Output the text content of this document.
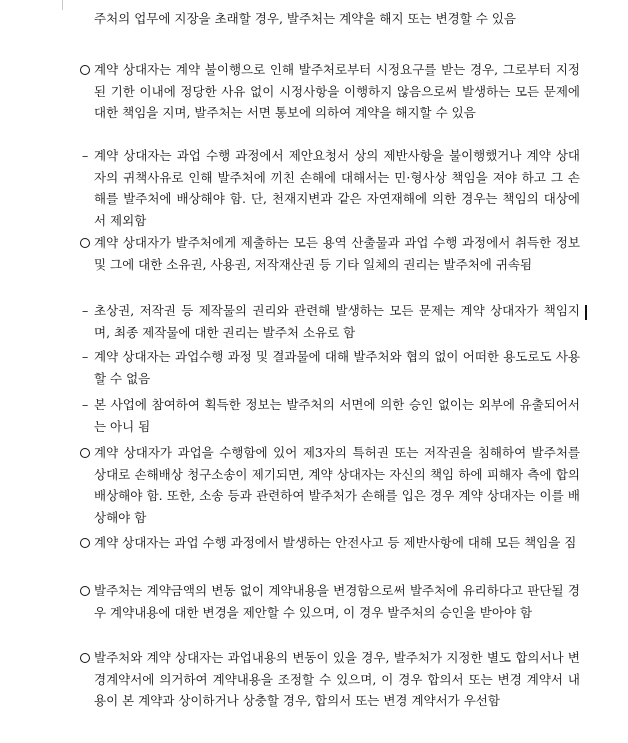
주처의 업무에 지장을 초래할 경우, 발주처는 계약을 해지 또는 변경할 수 있음
계약 상대자는 계약 불이행으로 인해 발주처로부터 시정요구를 받는 경우, 그로부터 지정된 기한 이내에 정당한 사유 없이 시정사항을 이행하지 않음으로써 발생하는 모든 문제에 대한 책임을 지며, 발주처는 서면 통보에 의하여 계약을 해지할 수 있음
– 계약 상대자는 과업 수행 과정에서 제안요청서 상의 제반사항을 불이행했거나 계약 상대자의 귀책사유로 인해 발주처에 끼친 손해에 대해서는 민·형사상 책임을 져야 하고 그 손해를 발주처에 배상해야 함. 단, 천재지변과 같은 자연재해에 의한 경우는 책임의 대상에서 제외함
계약 상대자가 발주처에게 제출하는 모든 용역 산출물과 과업 수행 과정에서 취득한 정보 및 그에 대한 소유권, 사용권, 저작재산권 등 기타 일체의 권리는 발주처에 귀속됨
– 초상권, 저작권 등 제작물의 권리와 관련해 발생하는 모든 문제는 계약 상대자가 책임지며, 최종 제작물에 대한 권리는 발주처 소유로 함
– 계약 상대자는 과업수행 과정 및 결과물에 대해 발주처와 협의 없이 어떠한 용도로도 사용할 수 없음
– 본 사업에 참여하여 획득한 정보는 발주처의 서면에 의한 승인 없이는 외부에 유출되어서는 아니 됨
계약 상대자가 과업을 수행함에 있어 제3자의 특허권 또는 저작권을 침해하여 발주처를 상대로 손해배상 청구소송이 제기되면, 계약 상대자는 자신의 책임 하에 피해자 측에 합의 배상해야 함. 또한, 소송 등과 관련하여 발주처가 손해를 입은 경우 계약 상대자는 이를 배상해야 함
계약 상대자는 과업 수행 과정에서 발생하는 안전사고 등 제반사항에 대해 모든 책임을 짐
발주처는 계약금액의 변동 없이 계약내용을 변경함으로써 발주처에 유리하다고 판단될 경우 계약내용에 대한 변경을 제안할 수 있으며, 이 경우 발주처의 승인을 받아야 함
발주처와 계약 상대자는 과업내용의 변동이 있을 경우, 발주처가 지정한 별도 합의서나 변경계약서에 의거하여 계약내용을 조정할 수 있으며, 이 경우 합의서 또는 변경 계약서 내용이 본 계약과 상이하거나 상충할 경우, 합의서 또는 변경 계약서가 우선함
